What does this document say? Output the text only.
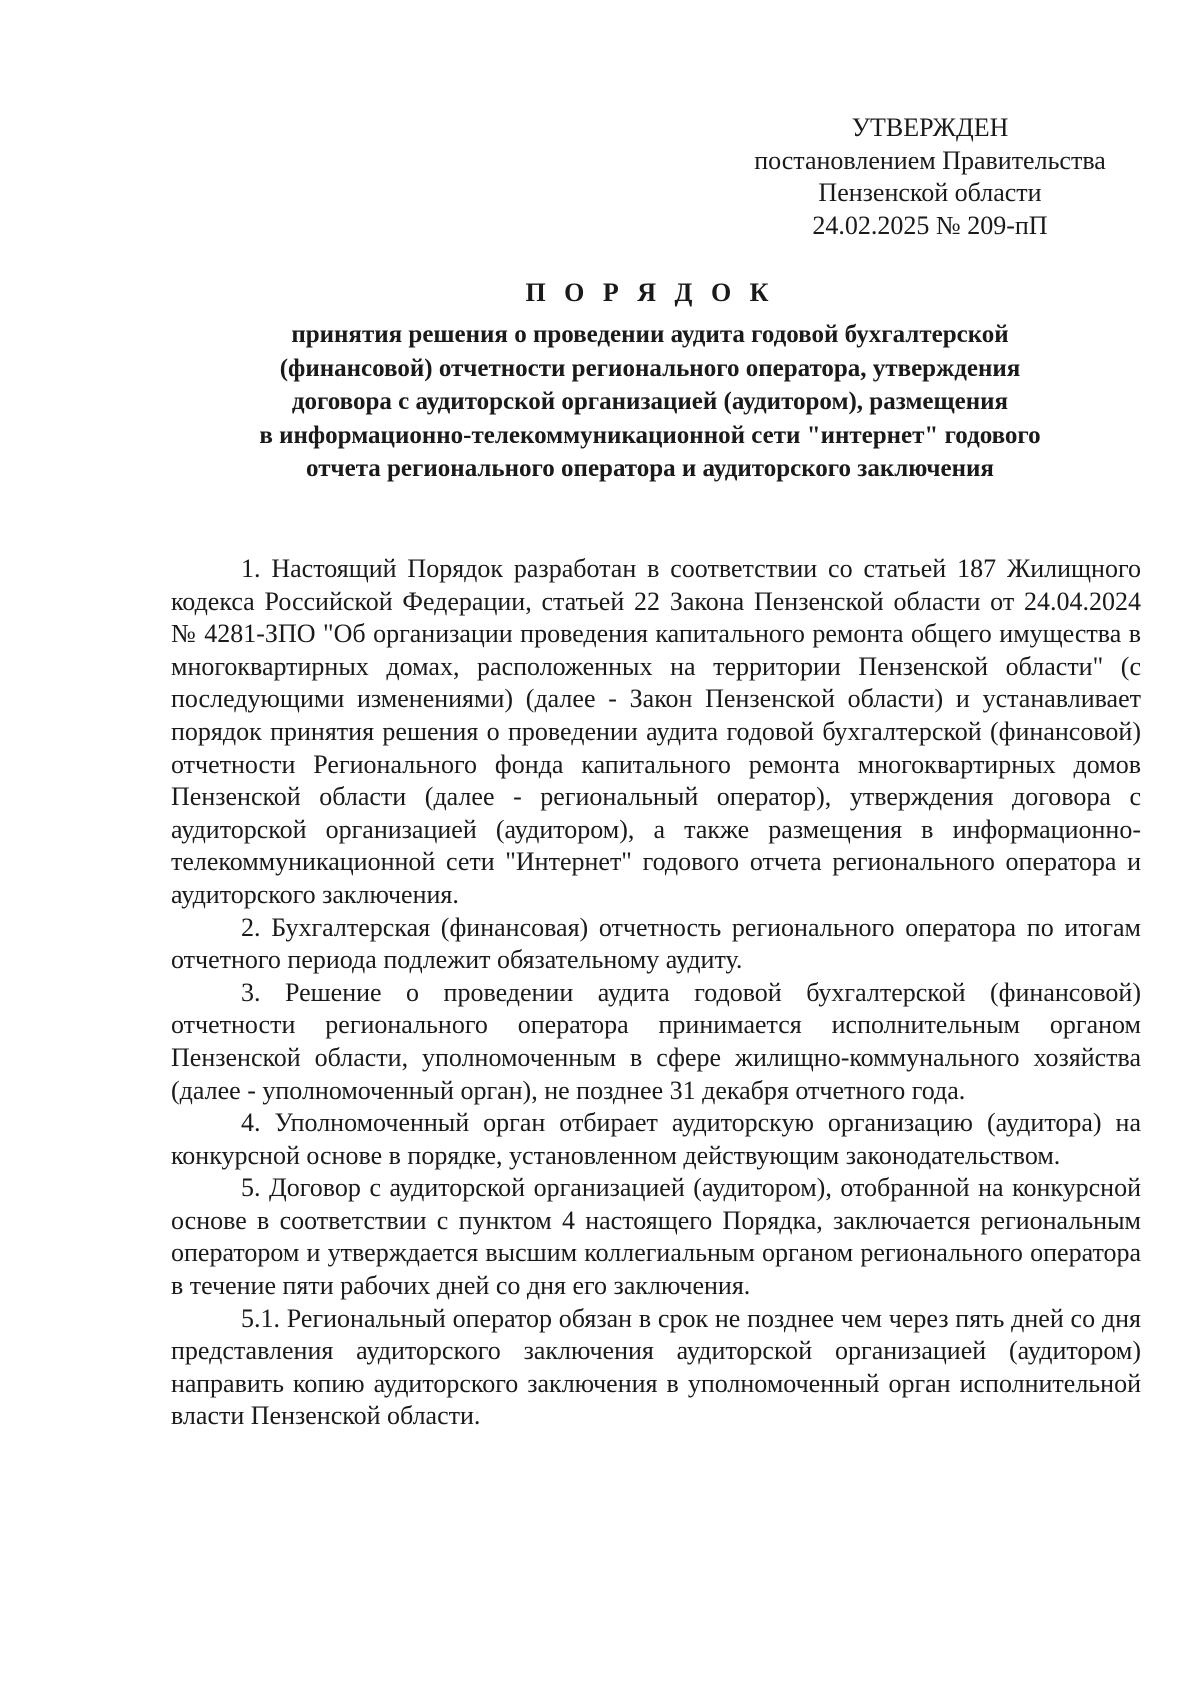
УТВЕРЖДЕН
постановлением Правительства
Пензенской области
24.02.2025 № 209-пП
П О Р Я Д О К
принятия решения о проведении аудита годовой бухгалтерской
(финансовой) отчетности регионального оператора, утверждения
договора с аудиторской организацией (аудитором), размещения
в информационно-телекоммуникационной сети "интернет" годового
отчета регионального оператора и аудиторского заключения

1. Настоящий Порядок разработан в соответствии со статьей 187 Жилищного кодекса Российской Федерации, статьей 22 Закона Пензенской области от 24.04.2024 № 4281-ЗПО "Об организации проведения капитального ремонта общего имущества в многоквартирных домах, расположенных на территории Пензенской области" (с последующими изменениями) (далее - Закон Пензенской области) и устанавливает порядок принятия решения о проведении аудита годовой бухгалтерской (финансовой) отчетности Регионального фонда капитального ремонта многоквартирных домов Пензенской области (далее - региональный оператор), утверждения договора с аудиторской организацией (аудитором), а также размещения в информационно-телекоммуникационной сети "Интернет" годового отчета регионального оператора и аудиторского заключения.

2. Бухгалтерская (финансовая) отчетность регионального оператора по итогам отчетного периода подлежит обязательному аудиту.

3. Решение о проведении аудита годовой бухгалтерской (финансовой) отчетности регионального оператора принимается исполнительным органом Пензенской области, уполномоченным в сфере жилищно-коммунального хозяйства (далее - уполномоченный орган), не позднее 31 декабря отчетного года.

4. Уполномоченный орган отбирает аудиторскую организацию (аудитора) на конкурсной основе в порядке, установленном действующим законодательством.

5. Договор с аудиторской организацией (аудитором), отобранной на конкурсной основе в соответствии с пунктом 4 настоящего Порядка, заключается региональным оператором и утверждается высшим коллегиальным органом регионального оператора в течение пяти рабочих дней со дня его заключения.

5.1. Региональный оператор обязан в срок не позднее чем через пять дней со дня представления аудиторского заключения аудиторской организацией (аудитором) направить копию аудиторского заключения в уполномоченный орган исполнительной власти Пензенской области.
